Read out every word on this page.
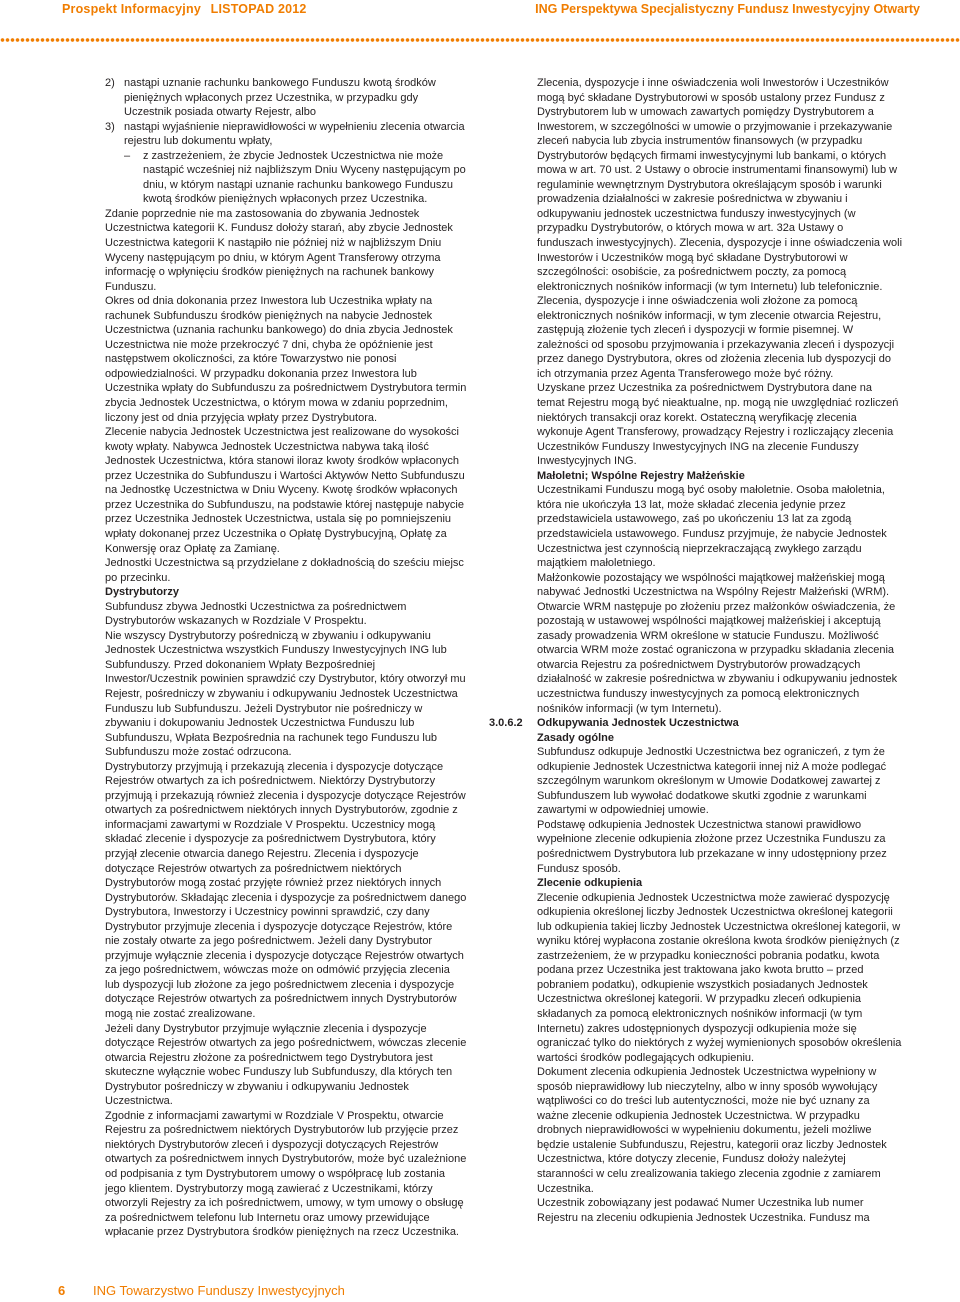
Prospekt Informacyjny LISTOPAD 2012	ING Perspektywa Specjalistyczny Fundusz Inwestycyjny Otwarty
2) nastąpi uznanie rachunku bankowego Funduszu kwotą środków pieniężnych wpłaconych przez Uczestnika, w przypadku gdy Uczestnik posiada otwarty Rejestr, albo
3) nastąpi wyjaśnienie nieprawidłowości w wypełnieniu zlecenia otwarcia rejestru lub dokumentu wpłaty,
–	z zastrzeżeniem, że zbycie Jednostek Uczestnictwa nie może nastąpić wcześniej niż najbliższym Dniu Wyceny następującym po dniu, w którym nastąpi uznanie rachunku bankowego Funduszu kwotą środków pieniężnych wpłaconych przez Uczestnika.

Zdanie poprzednie nie ma zastosowania do zbywania Jednostek Uczestnictwa kategorii K. Fundusz dołoży starań, aby zbycie Jednostek Uczestnictwa kategorii K nastąpiło nie później niż w najbliższym Dniu Wyceny następującym po dniu, w którym Agent Transferowy otrzyma informację o wpłynięciu środków pieniężnych na rachunek bankowy Funduszu.

Okres od dnia dokonania przez Inwestora lub Uczestnika wpłaty na rachunek Subfunduszu środków pieniężnych na nabycie Jednostek Uczestnictwa (uznania rachunku bankowego) do dnia zbycia Jednostek Uczestnictwa nie może przekroczyć 7 dni, chyba że opóźnienie jest następstwem okoliczności, za które Towarzystwo nie ponosi odpowiedzialności. W przypadku dokonania przez Inwestora lub Uczestnika wpłaty do Subfunduszu za pośrednictwem Dystrybutora termin zbycia Jednostek Uczestnictwa, o którym mowa w zdaniu poprzednim, liczony jest od dnia przyjęcia wpłaty przez Dystrybutora.

Zlecenie nabycia Jednostek Uczestnictwa jest realizowane do wysokości kwoty wpłaty. Nabywca Jednostek Uczestnictwa nabywa taką ilość Jednostek Uczestnictwa, która stanowi iloraz kwoty środków wpłaconych przez Uczestnika do Subfunduszu i Wartości Aktywów Netto Subfunduszu na Jednostkę Uczestnictwa w Dniu Wyceny. Kwotę środków wpłaconych przez Uczestnika do Subfunduszu, na podstawie której następuje nabycie przez Uczestnika Jednostek Uczestnictwa, ustala się po pomniejszeniu wpłaty dokonanej przez Uczestnika o Opłatę Dystrybucyjną, Opłatę za Konwersję oraz Opłatę za Zamianę.

Jednostki Uczestnictwa są przydzielane z dokładnością do sześciu miejsc po przecinku.

Dystrybutorzy

Subfundusz zbywa Jednostki Uczestnictwa za pośrednictwem Dystrybutorów wskazanych w Rozdziale V Prospektu.

Nie wszyscy Dystrybutorzy pośredniczą w zbywaniu i odkupywaniu Jednostek Uczestnictwa wszystkich Funduszy Inwestycyjnych ING lub Subfunduszy. Przed dokonaniem Wpłaty Bezpośredniej Inwestor/Uczestnik powinien sprawdzić czy Dystrybutor, który otworzył mu Rejestr, pośredniczy w zbywaniu i odkupywaniu Jednostek Uczestnictwa Funduszu lub Subfunduszu. Jeżeli Dystrybutor nie pośredniczy w zbywaniu i dokupowaniu Jednostek Uczestnictwa Funduszu lub Subfunduszu, Wpłata Bezpośrednia na rachunek tego Funduszu lub Subfunduszu może zostać odrzucona.

Dystrybutorzy przyjmują i przekazują zlecenia i dyspozycje dotyczące Rejestrów otwartych za ich pośrednictwem. Niektórzy Dystrybutorzy przyjmują i przekazują również zlecenia i dyspozycje dotyczące Rejestrów otwartych za pośrednictwem niektórych innych Dystrybutorów, zgodnie z informacjami zawartymi w Rozdziale V Prospektu. Uczestnicy mogą składać zlecenie i dyspozycje za pośrednictwem Dystrybutora, który przyjął zlecenie otwarcia danego Rejestru. Zlecenia i dyspozycje dotyczące Rejestrów otwartych za pośrednictwem niektórych Dystrybutorów mogą zostać przyjęte również przez niektórych innych Dystrybutorów. Składając zlecenia i dyspozycje za pośrednictwem danego Dystrybutora, Inwestorzy i Uczestnicy powinni sprawdzić, czy dany Dystrybutor przyjmuje zlecenia i dyspozycje dotyczące Rejestrów, które nie zostały otwarte za jego pośrednictwem. Jeżeli dany Dystrybutor przyjmuje wyłącznie zlecenia i dyspozycje dotyczące Rejestrów otwartych za jego pośrednictwem, wówczas może on odmówić przyjęcia zlecenia lub dyspozycji lub złożone za jego pośrednictwem zlecenia i dyspozycje dotyczące Rejestrów otwartych za pośrednictwem innych Dystrybutorów mogą nie zostać zrealizowane.

Jeżeli dany Dystrybutor przyjmuje wyłącznie zlecenia i dyspozycje dotyczące Rejestrów otwartych za jego pośrednictwem, wówczas zlecenie otwarcia Rejestru złożone za pośrednictwem tego Dystrybutora jest skuteczne wyłącznie wobec Funduszy lub Subfunduszy, dla których ten Dystrybutor pośredniczy w zbywaniu i odkupywaniu Jednostek Uczestnictwa.

Zgodnie z informacjami zawartymi w Rozdziale V Prospektu, otwarcie Rejestru za pośrednictwem niektórych Dystrybutorów lub przyjęcie przez niektórych Dystrybutorów zleceń i dyspozycji dotyczących Rejestrów otwartych za pośrednictwem innych Dystrybutorów, może być uzależnione od podpisania z tym Dystrybutorem umowy o współpracę lub zostania jego klientem. Dystrybutorzy mogą zawierać z Uczestnikami, którzy otworzyli Rejestry za ich pośrednictwem, umowy, w tym umowy o obsługę za pośrednictwem telefonu lub Internetu oraz umowy przewidujące wpłacanie przez Dystrybutora środków pieniężnych na rzecz Uczestnika.

Zlecenia, dyspozycje i inne oświadczenia woli Inwestorów i Uczestników mogą być składane Dystrybutorowi w sposób ustalony przez Fundusz z Dystrybutorem lub w umowach zawartych pomiędzy Dystrybutorem a Inwestorem, w szczególności w umowie o przyjmowanie i przekazywanie zleceń nabycia lub zbycia instrumentów finansowych (w przypadku Dystrybutorów będących firmami inwestycyjnymi lub bankami, o których mowa w art. 70 ust. 2 Ustawy o obrocie instrumentami finansowymi) lub w regulaminie wewnętrznym Dystrybutora określającym sposób i warunki prowadzenia działalności w zakresie pośrednictwa w zbywaniu i odkupywaniu jednostek uczestnictwa funduszy inwestycyjnych (w przypadku Dystrybutorów, o których mowa w art. 32a Ustawy o funduszach inwestycyjnych). Zlecenia, dyspozycje i inne oświadczenia woli Inwestorów i Uczestników mogą być składane Dystrybutorowi w szczególności: osobiście, za pośrednictwem poczty, za pomocą elektronicznych nośników informacji (w tym Internetu) lub telefonicznie. Zlecenia, dyspozycje i inne oświadczenia woli złożone za pomocą elektronicznych nośników informacji, w tym zlecenie otwarcia Rejestru, zastępują złożenie tych zleceń i dyspozycji w formie pisemnej. W zależności od sposobu przyjmowania i przekazywania zleceń i dyspozycji przez danego Dystrybutora, okres od złożenia zlecenia lub dyspozycji do ich otrzymania przez Agenta Transferowego może być różny.

Uzyskane przez Uczestnika za pośrednictwem Dystrybutora dane na temat Rejestru mogą być nieaktualne, np. mogą nie uwzględniać rozliczeń niektórych transakcji oraz korekt. Ostateczną weryfikację zlecenia wykonuje Agent Transferowy, prowadzący Rejestry i rozliczający zlecenia Uczestników Funduszy Inwestycyjnych ING na zlecenie Funduszy Inwestycyjnych ING.

Małoletni; Wspólne Rejestry Małżeńskie

Uczestnikami Funduszu mogą być osoby małoletnie. Osoba małoletnia, która nie ukończyła 13 lat, może składać zlecenia jedynie przez przedstawiciela ustawowego, zaś po ukończeniu 13 lat za zgodą przedstawiciela ustawowego. Fundusz przyjmuje, że nabycie Jednostek Uczestnictwa jest czynnością nieprzekraczającą zwykłego zarządu majątkiem małoletniego.

Małżonkowie pozostający we wspólności majątkowej małżeńskiej mogą nabywać Jednostki Uczestnictwa na Wspólny Rejestr Małżeński (WRM). Otwarcie WRM następuje po złożeniu przez małżonków oświadczenia, że pozostają w ustawowej wspólności majątkowej małżeńskiej i akceptują zasady prowadzenia WRM określone w statucie Funduszu. Możliwość otwarcia WRM może zostać ograniczona w przypadku składania zlecenia otwarcia Rejestru za pośrednictwem Dystrybutorów prowadzących działalność w zakresie pośrednictwa w zbywaniu i odkupywaniu jednostek uczestnictwa funduszy inwestycyjnych za pomocą elektronicznych nośników informacji (w tym Internetu).

3.0.6.2 Odkupywania Jednostek Uczestnictwa

Zasady ogólne

Subfundusz odkupuje Jednostki Uczestnictwa bez ograniczeń, z tym że odkupienie Jednostek Uczestnictwa kategorii innej niż A może podlegać szczególnym warunkom określonym w Umowie Dodatkowej zawartej z Subfunduszem lub wywołać dodatkowe skutki zgodnie z warunkami zawartymi w odpowiedniej umowie.

Podstawę odkupienia Jednostek Uczestnictwa stanowi prawidłowo wypełnione zlecenie odkupienia złożone przez Uczestnika Funduszu za pośrednictwem Dystrybutora lub przekazane w inny udostępniony przez Fundusz sposób.

Zlecenie odkupienia

Zlecenie odkupienia Jednostek Uczestnictwa może zawierać dyspozycję odkupienia określonej liczby Jednostek Uczestnictwa określonej kategorii lub odkupienia takiej liczby Jednostek Uczestnictwa określonej kategorii, w wyniku której wypłacona zostanie określona kwota środków pieniężnych (z zastrzeżeniem, że w przypadku konieczności pobrania podatku, kwota podana przez Uczestnika jest traktowana jako kwota brutto – przed pobraniem podatku), odkupienie wszystkich posiadanych Jednostek Uczestnictwa określonej kategorii. W przypadku zleceń odkupienia składanych za pomocą elektronicznych nośników informacji (w tym Internetu) zakres udostępnionych dyspozycji odkupienia może się ograniczać tylko do niektórych z wyżej wymienionych sposobów określenia wartości środków podlegających odkupieniu.

Dokument zlecenia odkupienia Jednostek Uczestnictwa wypełniony w sposób nieprawidłowy lub nieczytelny, albo w inny sposób wywołujący wątpliwości co do treści lub autentyczności, może nie być uznany za ważne zlecenie odkupienia Jednostek Uczestnictwa. W przypadku drobnych nieprawidłowości w wypełnieniu dokumentu, jeżeli możliwe będzie ustalenie Subfunduszu, Rejestru, kategorii oraz liczby Jednostek Uczestnictwa, które dotyczy zlecenie, Fundusz dołoży należytej staranności w celu zrealizowania takiego zlecenia zgodnie z zamiarem Uczestnika.

Uczestnik zobowiązany jest podawać Numer Uczestnika lub numer Rejestru na zleceniu odkupienia Jednostek Uczestnika. Fundusz ma

6 ING Towarzystwo Funduszy Inwestycyjnych
